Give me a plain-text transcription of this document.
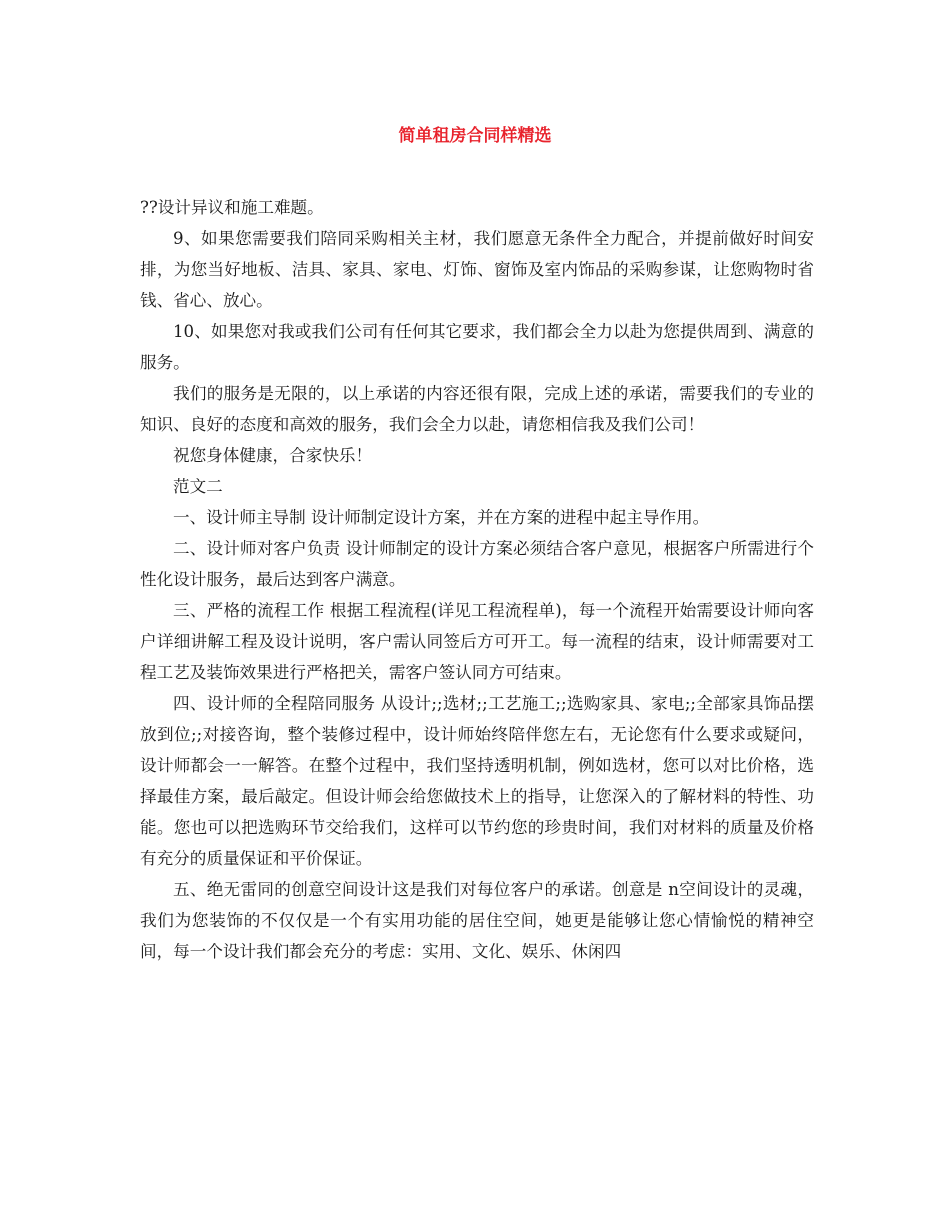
简单租房合同样精选

??设计异议和施工难题。

9、如果您需要我们陪同采购相关主材，我们愿意无条件全力配合，并提前做好时间安排，为您当好地板、洁具、家具、家电、灯饰、窗饰及室内饰品的采购参谋，让您购物时省钱、省心、放心。

10、如果您对我或我们公司有任何其它要求，我们都会全力以赴为您提供周到、满意的服务。

我们的服务是无限的，以上承诺的内容还很有限，完成上述的承诺，需要我们的专业的知识、良好的态度和高效的服务，我们会全力以赴，请您相信我及我们公司！

祝您身体健康，合家快乐！

范文二

一、设计师主导制 设计师制定设计方案，并在方案的进程中起主导作用。

二、设计师对客户负责 设计师制定的设计方案必须结合客户意见，根据客户所需进行个性化设计服务，最后达到客户满意。

三、严格的流程工作 根据工程流程(详见工程流程单)，每一个流程开始需要设计师向客户详细讲解工程及设计说明，客户需认同签后方可开工。每一流程的结束，设计师需要对工程工艺及装饰效果进行严格把关，需客户签认同方可结束。

四、设计师的全程陪同服务 从设计;;选材;;工艺施工;;选购家具、家电;;全部家具饰品摆放到位;;对接咨询，整个装修过程中，设计师始终陪伴您左右，无论您有什么要求或疑问，设计师都会一一解答。在整个过程中，我们坚持透明机制，例如选材，您可以对比价格，选择最佳方案，最后敲定。但设计师会给您做技术上的指导，让您深入的了解材料的特性、功能。您也可以把选购环节交给我们，这样可以节约您的珍贵时间，我们对材料的质量及价格有充分的质量保证和平价保证。

五、绝无雷同的创意空间设计这是我们对每位客户的承诺。创意是 n空间设计的灵魂，我们为您装饰的不仅仅是一个有实用功能的居住空间，她更是能够让您心情愉悦的精神空间，每一个设计我们都会充分的考虑：实用、文化、娱乐、休闲四
